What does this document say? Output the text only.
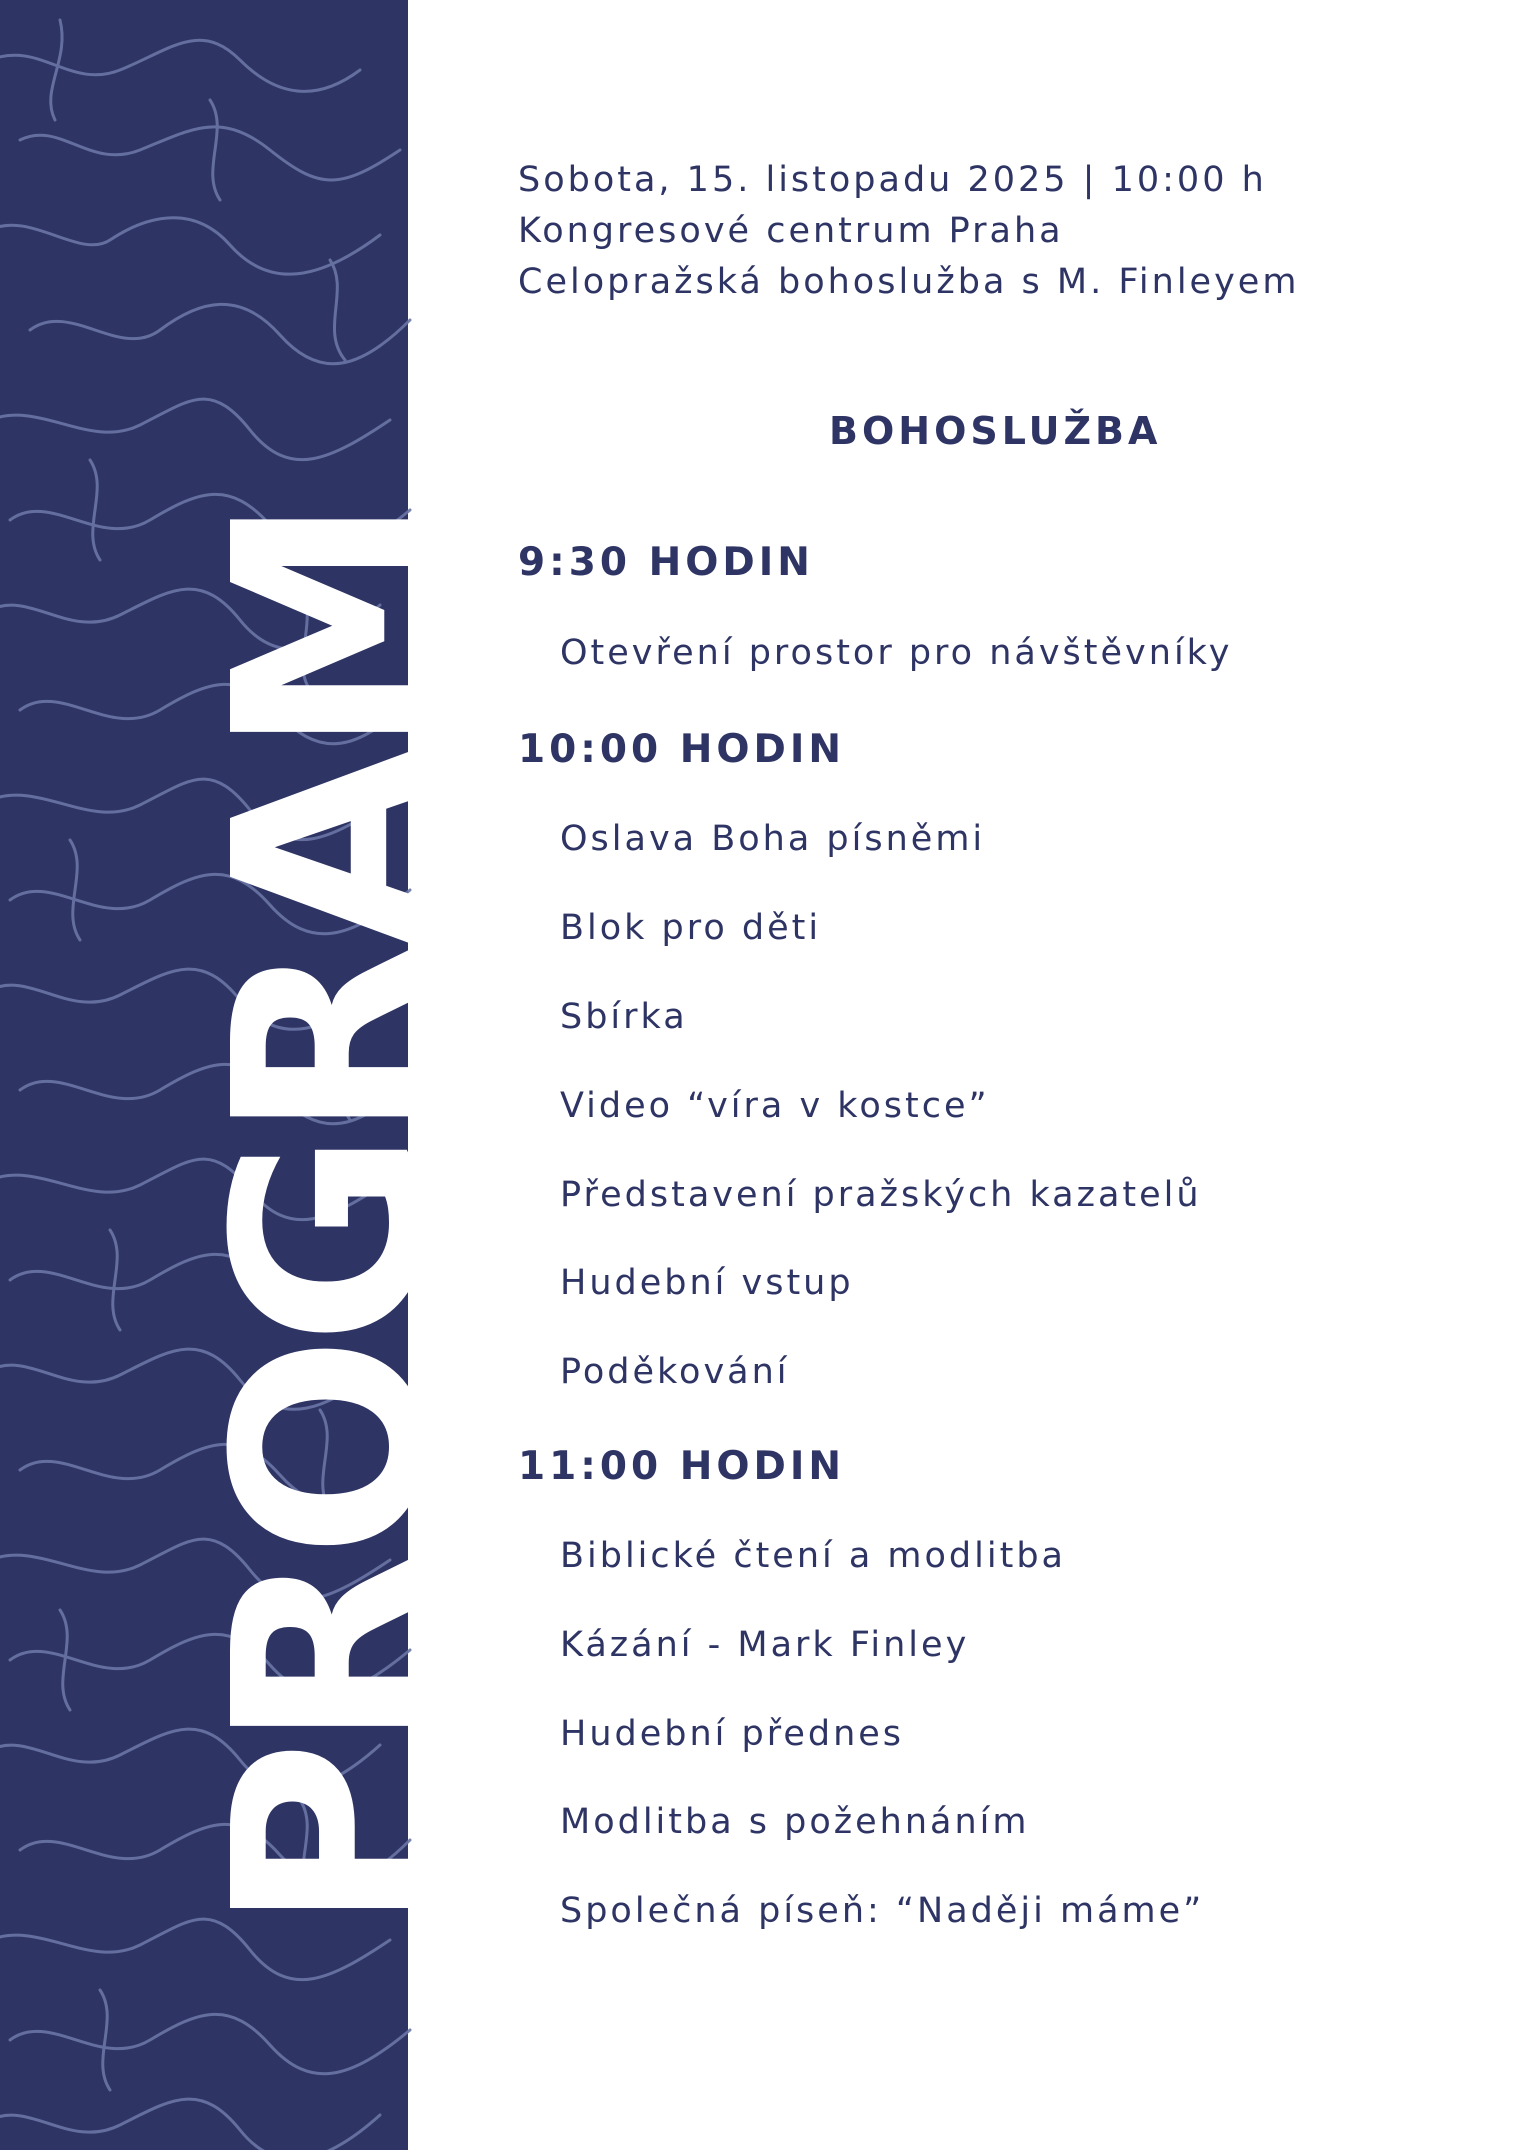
PROGRAM
Sobota, 15. listopadu 2025 | 10:00 h
Kongresové centrum Praha
Celopražská bohoslužba s M. Finleyem
BOHOSLUŽBA
9:30 HODIN
Otevření prostor pro návštěvníky
10:00 HODIN
Oslava Boha písněmi
Blok pro děti
Sbírka
Video “víra v kostce”
Představení pražských kazatelů
Hudební vstup
Poděkování
11:00 HODIN
Biblické čtení a modlitba
Kázání - Mark Finley
Hudební přednes
Modlitba s požehnáním
Společná píseň: “Naději máme”
